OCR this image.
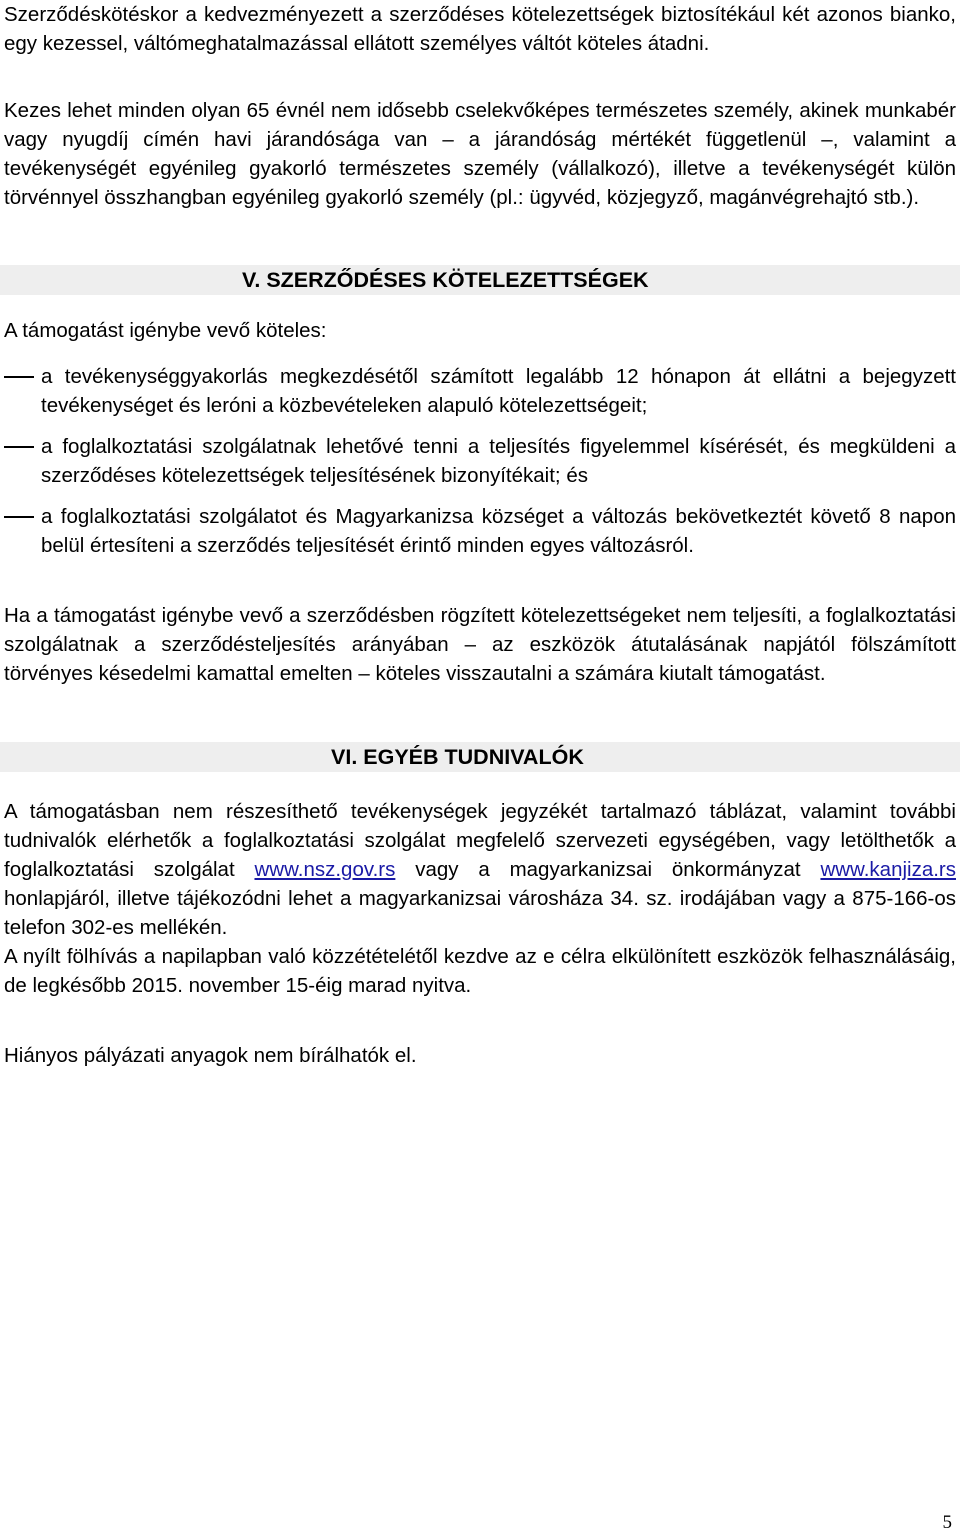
Szerződéskötéskor a kedvezményezett a szerződéses kötelezettségek biztosítékául két azonos bianko, egy kezessel, váltómeghatalmazással ellátott személyes váltót köteles átadni.

Kezes lehet minden olyan 65 évnél nem idősebb cselekvőképes természetes személy, akinek munkabér vagy nyugdíj címén havi járandósága van – a járandóság mértékét függetlenül –, valamint a tevékenységét egyénileg gyakorló természetes személy (vállalkozó), illetve a tevékenységét külön törvénnyel összhangban egyénileg gyakorló személy (pl.: ügyvéd, közjegyző, magánvégrehajtó stb.).

V. SZERZŐDÉSES KÖTELEZETTSÉGEK

A támogatást igénybe vevő köteles:

a tevékenységgyakorlás megkezdésétől számított legalább 12 hónapon át ellátni a bejegyzett tevékenységet és leróni a közbevételeken alapuló kötelezettségeit;

a foglalkoztatási szolgálatnak lehetővé tenni a teljesítés figyelemmel kísérését, és megküldeni a szerződéses kötelezettségek teljesítésének bizonyítékait; és

a foglalkoztatási szolgálatot és Magyarkanizsa községet a változás bekövetkeztét követő 8 napon belül értesíteni a szerződés teljesítését érintő minden egyes változásról.

Ha a támogatást igénybe vevő a szerződésben rögzített kötelezettségeket nem teljesíti, a foglalkoztatási szolgálatnak a szerződésteljesítés arányában – az eszközök átutalásának napjától fölszámított törvényes késedelmi kamattal emelten – köteles visszautalni a számára kiutalt támogatást.

VI. EGYÉB TUDNIVALÓK

A támogatásban nem részesíthető tevékenységek jegyzékét tartalmazó táblázat, valamint további tudnivalók elérhetők a foglalkoztatási szolgálat megfelelő szervezeti egységében, vagy letölthetők a foglalkoztatási szolgálat www.nsz.gov.rs vagy a magyarkanizsai önkormányzat www.kanjiza.rs honlapjáról, illetve tájékozódni lehet a magyarkanizsai városháza 34. sz. irodájában vagy a 875-166-os telefon 302-es mellékén.

A nyílt fölhívás a napilapban való közzétételétől kezdve az e célra elkülönített eszközök felhasználásáig, de legkésőbb 2015. november 15-éig marad nyitva.

Hiányos pályázati anyagok nem bírálhatók el.

5
